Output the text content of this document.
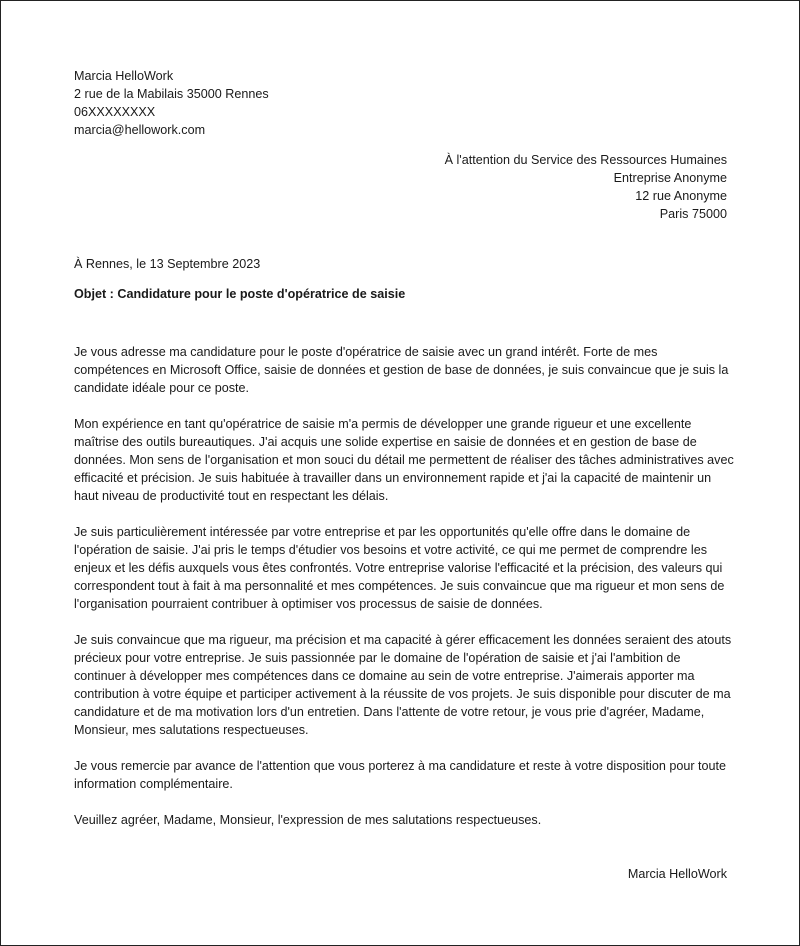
Marcia HelloWork
2 rue de la Mabilais 35000 Rennes
06XXXXXXXX
marcia@hellowork.com
À l'attention du Service des Ressources Humaines
Entreprise Anonyme
12 rue Anonyme
Paris 75000
À Rennes, le 13 Septembre 2023
Objet : Candidature pour le poste d'opératrice de saisie

Je vous adresse ma candidature pour le poste d'opératrice de saisie avec un grand intérêt. Forte de mes compétences en Microsoft Office, saisie de données et gestion de base de données, je suis convaincue que je suis la candidate idéale pour ce poste.

Mon expérience en tant qu'opératrice de saisie m'a permis de développer une grande rigueur et une excellente maîtrise des outils bureautiques. J'ai acquis une solide expertise en saisie de données et en gestion de base de données. Mon sens de l'organisation et mon souci du détail me permettent de réaliser des tâches administratives avec efficacité et précision. Je suis habituée à travailler dans un environnement rapide et j'ai la capacité de maintenir un haut niveau de productivité tout en respectant les délais.

Je suis particulièrement intéressée par votre entreprise et par les opportunités qu'elle offre dans le domaine de l'opération de saisie. J'ai pris le temps d'étudier vos besoins et votre activité, ce qui me permet de comprendre les enjeux et les défis auxquels vous êtes confrontés. Votre entreprise valorise l'efficacité et la précision, des valeurs qui correspondent tout à fait à ma personnalité et mes compétences. Je suis convaincue que ma rigueur et mon sens de l'organisation pourraient contribuer à optimiser vos processus de saisie de données.

Je suis convaincue que ma rigueur, ma précision et ma capacité à gérer efficacement les données seraient des atouts précieux pour votre entreprise. Je suis passionnée par le domaine de l'opération de saisie et j'ai l'ambition de continuer à développer mes compétences dans ce domaine au sein de votre entreprise. J'aimerais apporter ma contribution à votre équipe et participer activement à la réussite de vos projets. Je suis disponible pour discuter de ma candidature et de ma motivation lors d'un entretien. Dans l'attente de votre retour, je vous prie d'agréer, Madame, Monsieur, mes salutations respectueuses.

Je vous remercie par avance de l'attention que vous porterez à ma candidature et reste à votre disposition pour toute information complémentaire.

Veuillez agréer, Madame, Monsieur, l'expression de mes salutations respectueuses.

Marcia HelloWork
